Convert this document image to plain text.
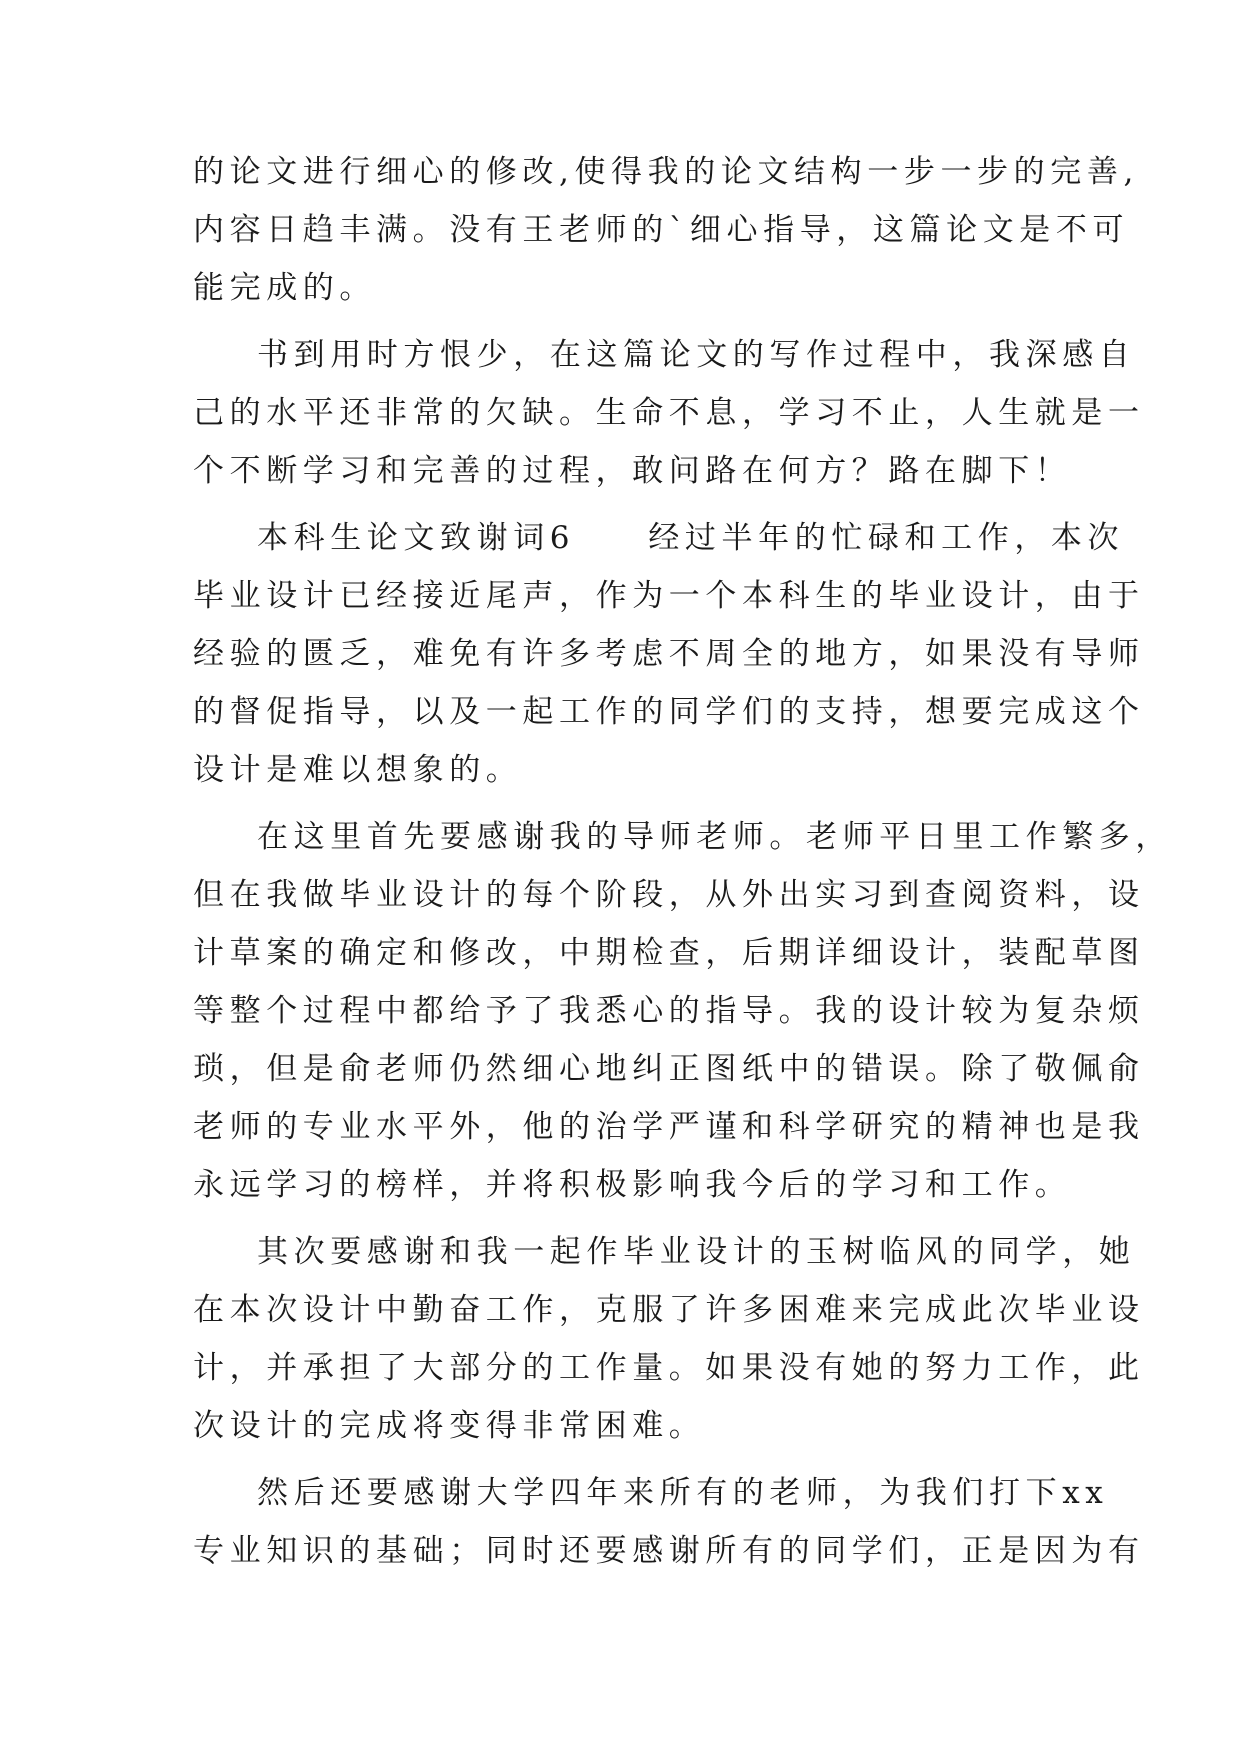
的论文进行细心的修改,使得我的论文结构一步一步的完善,
内容日趋丰满。没有王老师的`细心指导，这篇论文是不可
能完成的。
书到用时方恨少，在这篇论文的写作过程中，我深感自
己的水平还非常的欠缺。生命不息，学习不止，人生就是一
个不断学习和完善的过程，敢问路在何方？路在脚下！
本科生论文致谢词6　　经过半年的忙碌和工作，本次
毕业设计已经接近尾声，作为一个本科生的毕业设计，由于
经验的匮乏，难免有许多考虑不周全的地方，如果没有导师
的督促指导，以及一起工作的同学们的支持，想要完成这个
设计是难以想象的。
在这里首先要感谢我的导师老师。老师平日里工作繁多，
但在我做毕业设计的每个阶段，从外出实习到查阅资料，设
计草案的确定和修改，中期检查，后期详细设计，装配草图
等整个过程中都给予了我悉心的指导。我的设计较为复杂烦
琐，但是俞老师仍然细心地纠正图纸中的错误。除了敬佩俞
老师的专业水平外，他的治学严谨和科学研究的精神也是我
永远学习的榜样，并将积极影响我今后的学习和工作。
其次要感谢和我一起作毕业设计的玉树临风的同学，她
在本次设计中勤奋工作，克服了许多困难来完成此次毕业设
计，并承担了大部分的工作量。如果没有她的努力工作，此
次设计的完成将变得非常困难。
然后还要感谢大学四年来所有的老师，为我们打下xx
专业知识的基础；同时还要感谢所有的同学们，正是因为有
